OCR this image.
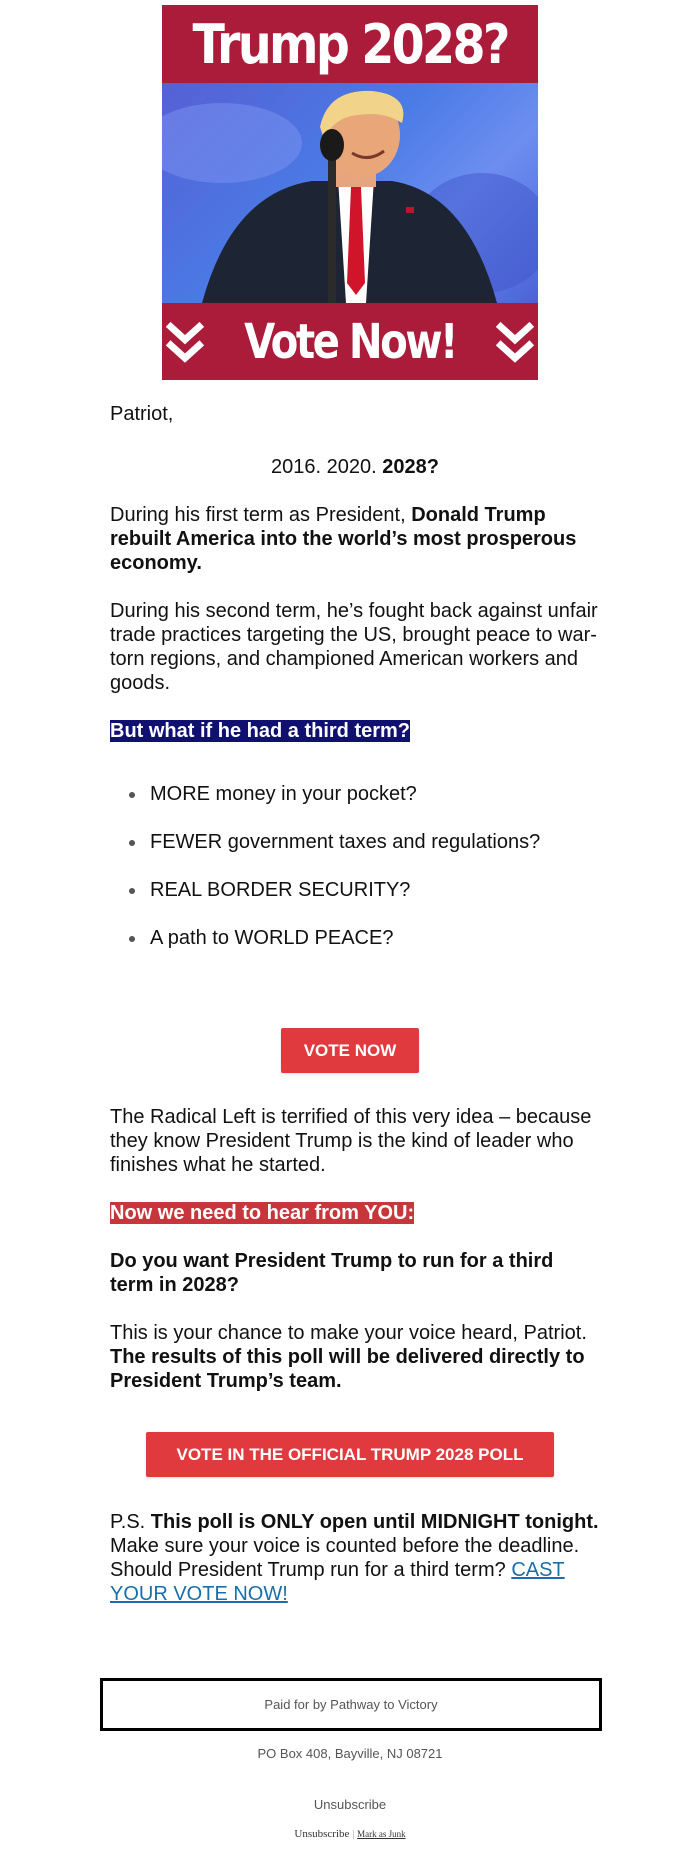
Trump 2028?
Vote Now!

Patriot,

2016. 2020. 2028?

During his first term as President, Donald Trump rebuilt America into the world’s most prosperous economy.

During his second term, he’s fought back against unfair trade practices targeting the US, brought peace to war-torn regions, and championed American workers and goods.

But what if he had a third term?

MORE money in your pocket?
FEWER government taxes and regulations?
REAL BORDER SECURITY?
A path to WORLD PEACE?
VOTE NOW

The Radical Left is terrified of this very idea – because they know President Trump is the kind of leader who finishes what he started.

Now we need to hear from YOU:

Do you want President Trump to run for a third term in 2028?

This is your chance to make your voice heard, Patriot. The results of this poll will be delivered directly to President Trump’s team.

VOTE IN THE OFFICIAL TRUMP 2028 POLL

P.S. This poll is ONLY open until MIDNIGHT tonight. Make sure your voice is counted before the deadline. Should President Trump run for a third term? CAST YOUR VOTE NOW!

Paid for by Pathway to Victory
PO Box 408, Bayville, NJ 08721
Unsubscribe
Unsubscribe | Mark as Junk
